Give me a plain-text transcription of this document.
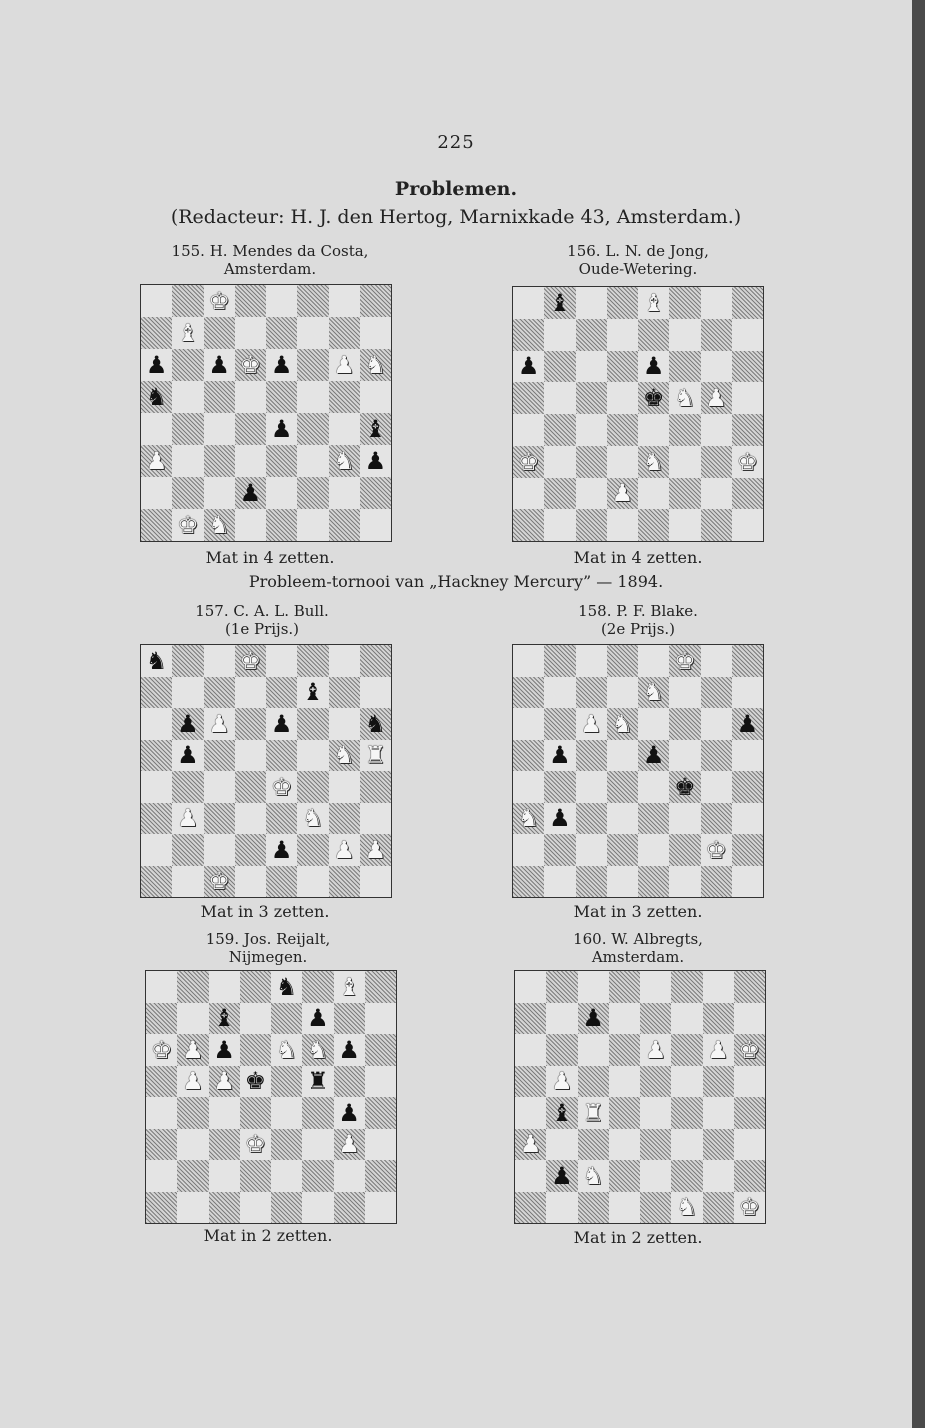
225
Problemen.
(Redacteur: H. J. den Hertog, Marnixkade 43, Amsterdam.)
155. H. Mendes da Costa,
Amsterdam.
♚
♝
♟ ♟ ♚ ♟ ♟ ♞
♞
♟	♝
♟	♞ ♟
♟
♚ ♞
Mat in 4 zetten.
156. L. N. de Jong,
Oude-Wetering.
♝	♝
♟	♟
♚ ♞ ♟
♚	♞	♚
♟
Mat in 4 zetten.
Probleem-tornooi van „Hackney Mercury” — 1894.
157. C. A. L. Bull.
(1e Prijs.)
♞	♚
♝
♟ ♟ ♟	♞
♟	♞ ♜
♚
♟	♞
♟ ♟ ♟
♚
Mat in 3 zetten.
158. P. F. Blake.
(2e Prijs.)
♚
♞
♟ ♞	♟
♟	♟
♚
♞ ♟
♚
Mat in 3 zetten.
159. Jos. Reijalt,
Nijmegen.
♞ ♝
♝	♟
♚ ♟ ♟ ♞ ♞ ♟
♟ ♟ ♚ ♜
♟
♚	♟
Mat in 2 zetten.
160. W. Albregts,
Amsterdam.
♟
♟ ♟ ♚
♟
♝ ♜
♟
♟ ♞
♞ ♚
Mat in 2 zetten.
